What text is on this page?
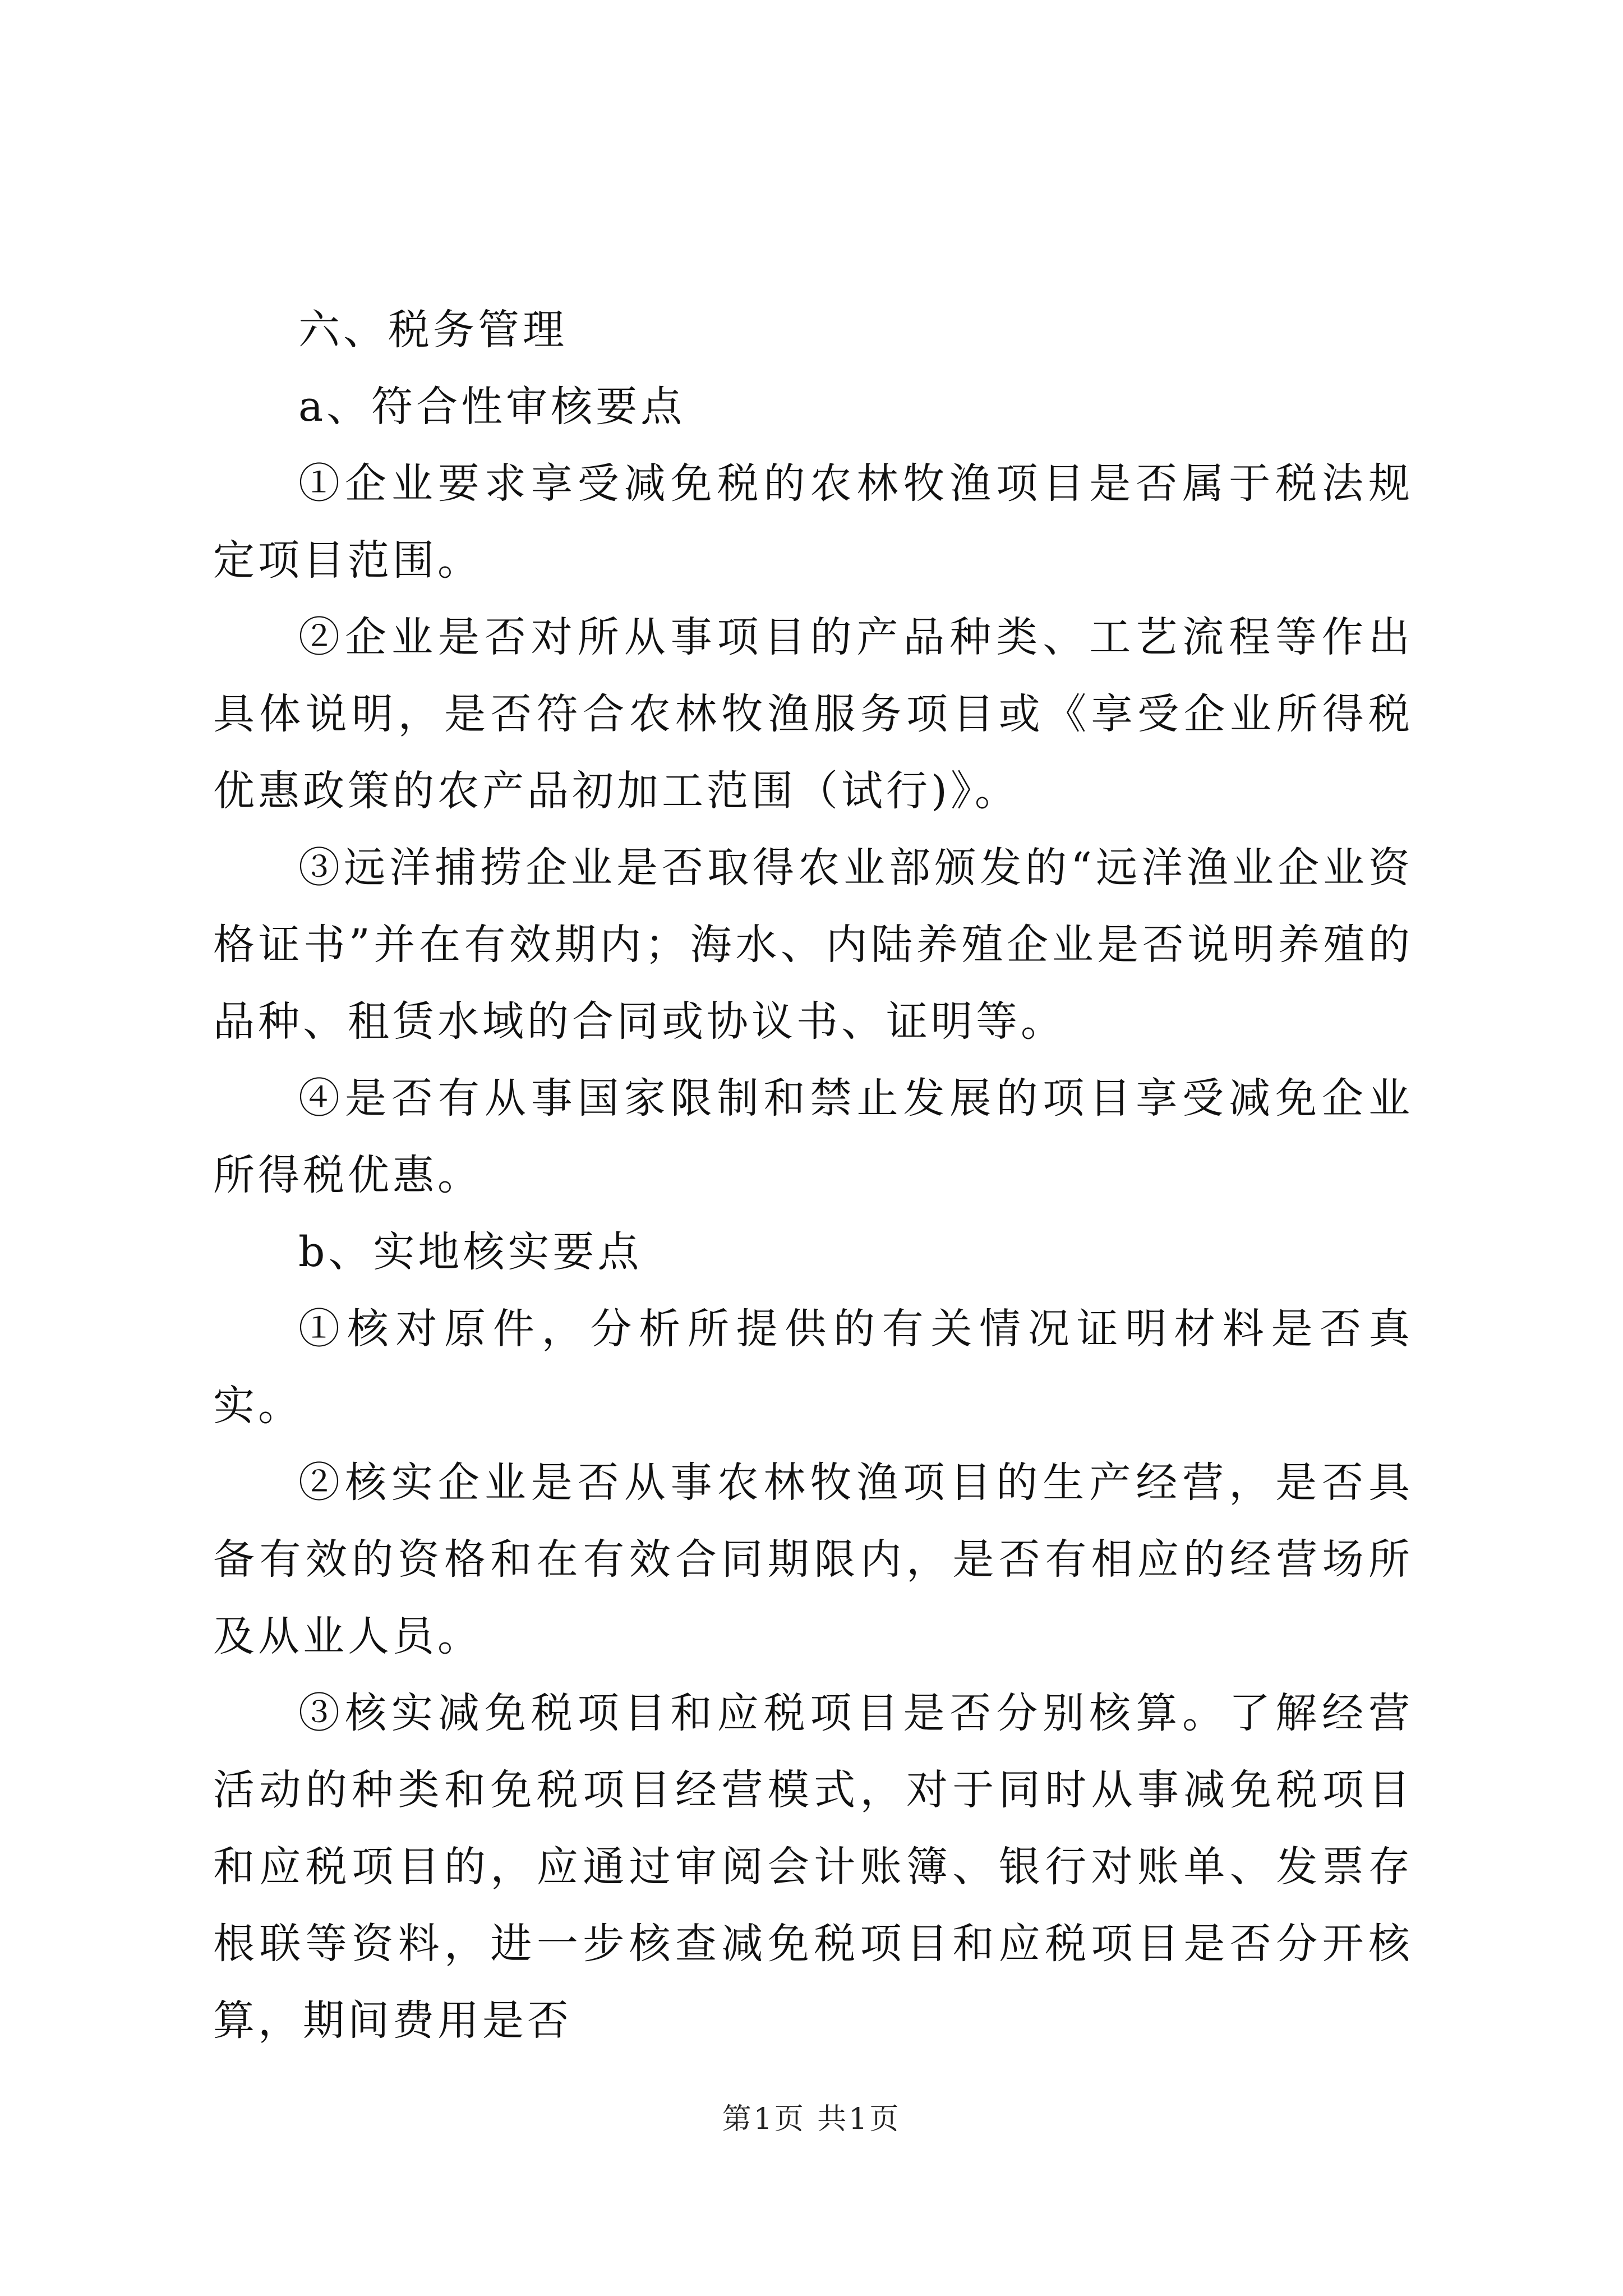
六、税务管理

a、符合性审核要点

①企业要求享受减免税的农林牧渔项目是否属于税法规定项目范围。

②企业是否对所从事项目的产品种类、工艺流程等作出具体说明，是否符合农林牧渔服务项目或《享受企业所得税优惠政策的农产品初加工范围（试行)》。

③远洋捕捞企业是否取得农业部颁发的“远洋渔业企业资格证书”并在有效期内；海水、内陆养殖企业是否说明养殖的品种、租赁水域的合同或协议书、证明等。

④是否有从事国家限制和禁止发展的项目享受减免企业所得税优惠。

b、实地核实要点

①核对原件，分析所提供的有关情况证明材料是否真实。

②核实企业是否从事农林牧渔项目的生产经营，是否具备有效的资格和在有效合同期限内，是否有相应的经营场所及从业人员。

③核实减免税项目和应税项目是否分别核算。了解经营活动的种类和免税项目经营模式，对于同时从事减免税项目和应税项目的，应通过审阅会计账簿、银行对账单、发票存根联等资料，进一步核查减免税项目和应税项目是否分开核算，期间费用是否

第1页 共1页
